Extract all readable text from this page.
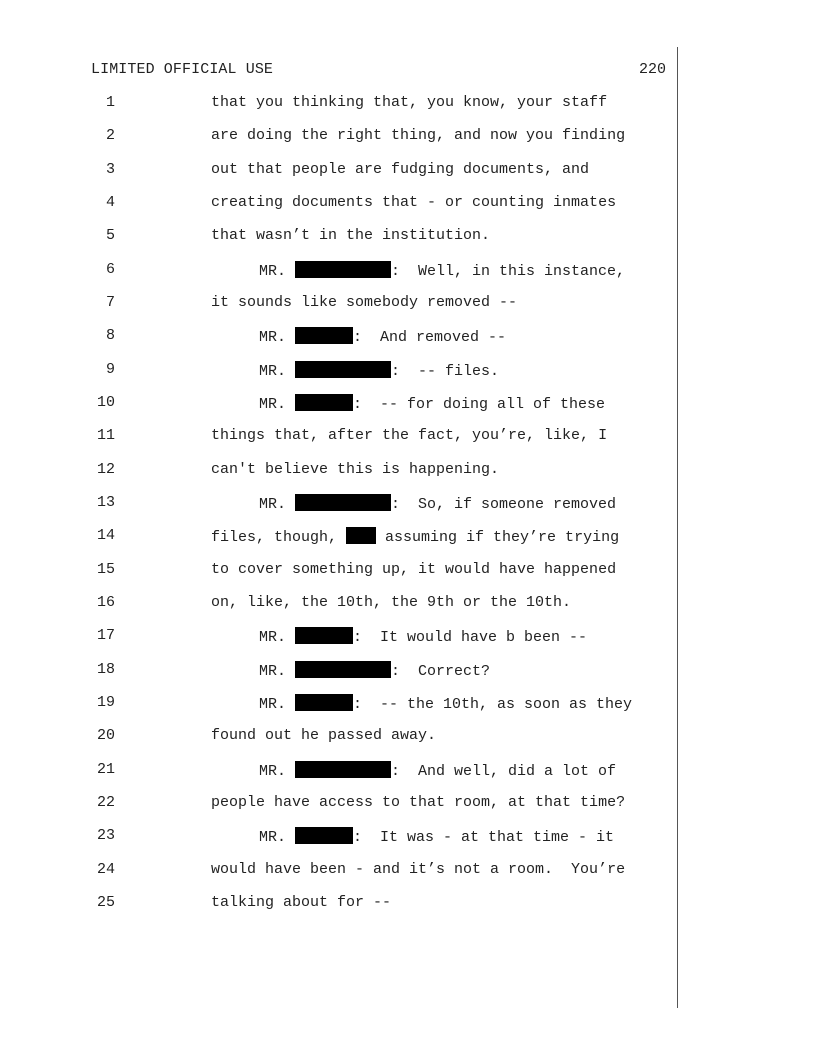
LIMITED OFFICIAL USE	220
1	that you thinking that, you know, your staff
2	are doing the right thing, and now you finding
3	out that people are fudging documents, and
4	creating documents that - or counting inmates
5	that wasn’t in the institution.
6	MR.	:  Well, in this instance,
7	it sounds like somebody removed --
8	MR.	:  And removed --
9	MR.	:  -- files.
10	MR.	:  -- for doing all of these
11	things that, after the fact, you’re, like, I
12	can't believe this is happening.
13	MR.	:  So, if someone removed
14	files, though,  assuming if they’re trying
15	to cover something up, it would have happened
16	on, like, the 10th, the 9th or the 10th.
17	MR.	:  It would have b been --
18	MR.	:  Correct?
19	MR.	:  -- the 10th, as soon as they
20	found out he passed away.
21	MR.	:  And well, did a lot of
22	people have access to that room, at that time?
23	MR.	:  It was - at that time - it
24	would have been - and it’s not a room.  You’re
25	talking about for --
